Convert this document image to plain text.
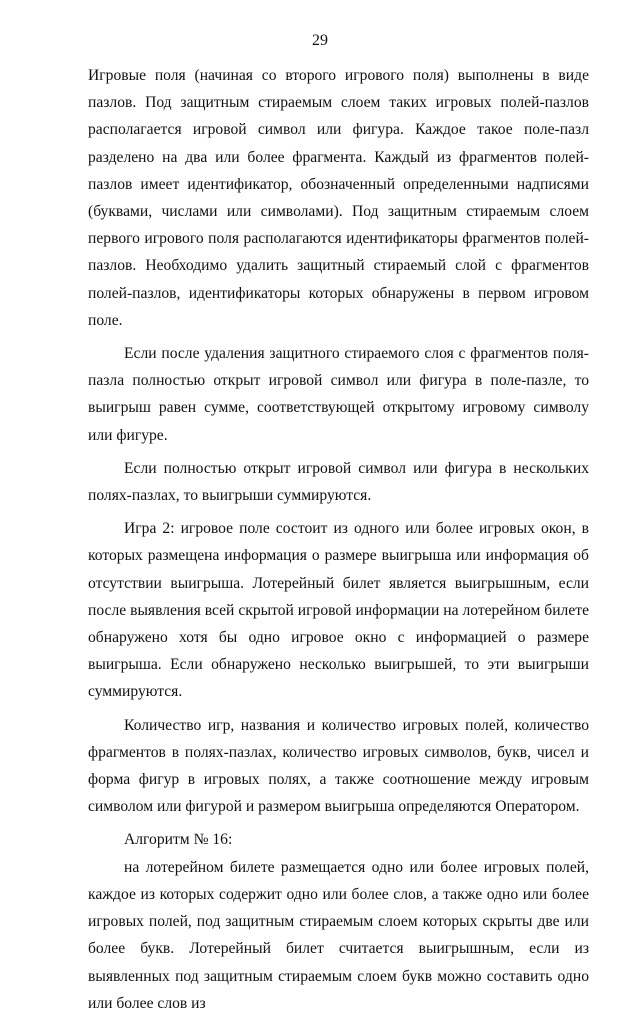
29

Игровые поля (начиная со второго игрового поля) выполнены в виде пазлов. Под защитным стираемым слоем таких игровых полей-пазлов располагается игровой символ или фигура. Каждое такое поле-пазл разделено на два или более фрагмента. Каждый из фрагментов полей-пазлов имеет идентификатор, обозначенный определенными надписями (буквами, числами или символами). Под защитным стираемым слоем первого игрового поля располагаются идентификаторы фрагментов полей-пазлов. Необходимо удалить защитный стираемый слой с фрагментов полей-пазлов, идентификаторы которых обнаружены в первом игровом поле.

Если после удаления защитного стираемого слоя с фрагментов поля-пазла полностью открыт игровой символ или фигура в поле-пазле, то выигрыш равен сумме, соответствующей открытому игровому символу или фигуре.

Если полностью открыт игровой символ или фигура в нескольких полях-пазлах, то выигрыши суммируются.

Игра 2: игровое поле состоит из одного или более игровых окон, в которых размещена информация о размере выигрыша или информация об отсутствии выигрыша. Лотерейный билет является выигрышным, если после выявления всей скрытой игровой информации на лотерейном билете обнаружено хотя бы одно игровое окно с информацией о размере выигрыша. Если обнаружено несколько выигрышей, то эти выигрыши суммируются.

Количество игр, названия и количество игровых полей, количество фрагментов в полях-пазлах, количество игровых символов, букв, чисел и форма фигур в игровых полях, а также соотношение между игровым символом или фигурой и размером выигрыша определяются Оператором.

Алгоритм № 16:

на лотерейном билете размещается одно или более игровых полей, каждое из которых содержит одно или более слов, а также одно или более игровых полей, под защитным стираемым слоем которых скрыты две или более букв. Лотерейный билет считается выигрышным, если из выявленных под защитным стираемым слоем букв можно составить одно или более слов из
